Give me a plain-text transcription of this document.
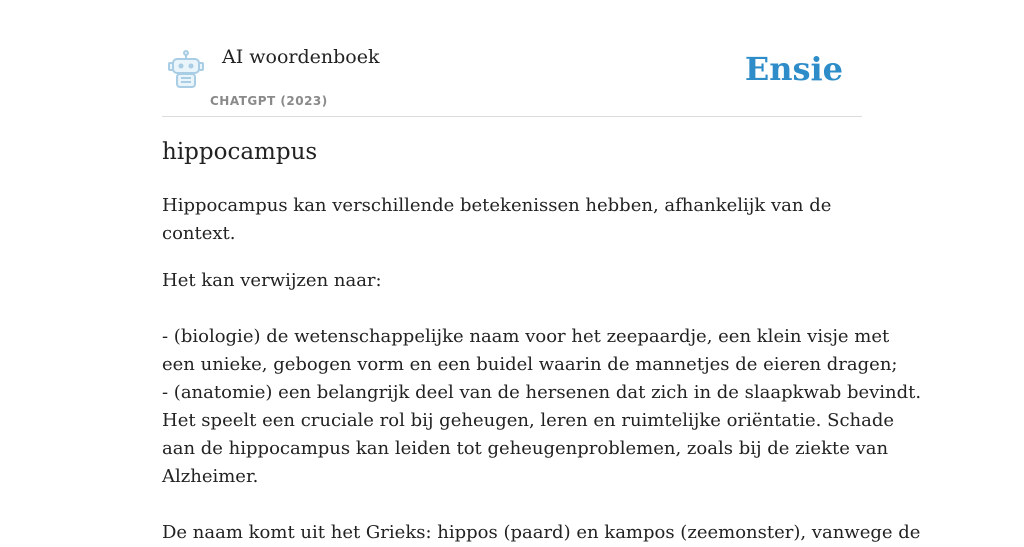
AI woordenboek
CHATGPT (2023)
Ensie
hippocampus

Hippocampus kan verschillende betekenissen hebben, afhankelijk van de context.

Het kan verwijzen naar:
- (biologie) de wetenschappelijke naam voor het zeepaardje, een klein visje met
een unieke, gebogen vorm en een buidel waarin de mannetjes de eieren dragen;
- (anatomie) een belangrijk deel van de hersenen dat zich in de slaapkwab bevindt.
Het speelt een cruciale rol bij geheugen, leren en ruimtelijke oriëntatie. Schade
aan de hippocampus kan leiden tot geheugenproblemen, zoals bij de ziekte van
Alzheimer.
De naam komt uit het Grieks: hippos (paard) en kampos (zeemonster), vanwege de
